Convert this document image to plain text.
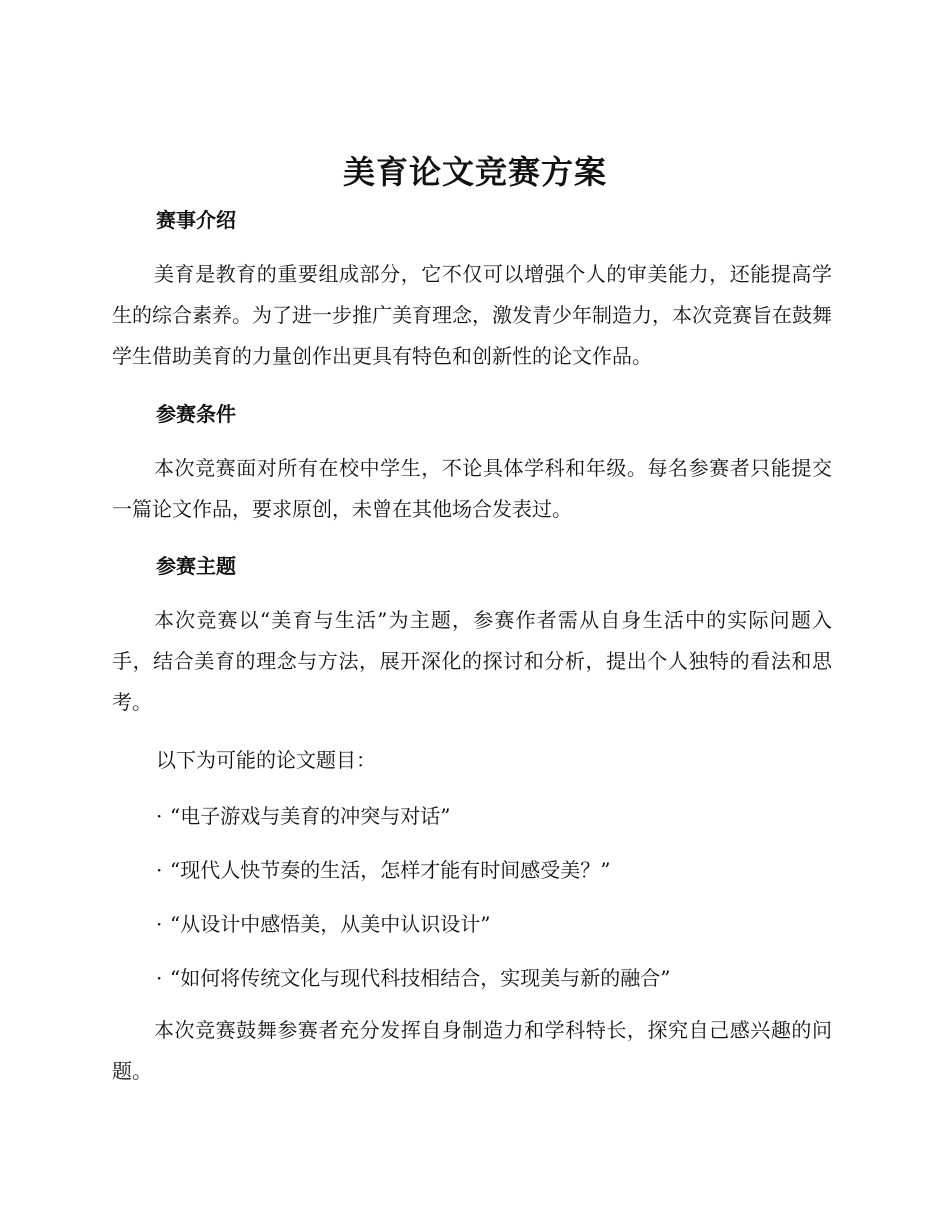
美育论文竞赛方案
赛事介绍
美育是教育的重要组成部分，它不仅可以增强个人的审美能力，还能提高学生的综合素养。为了进一步推广美育理念，激发青少年制造力，本次竞赛旨在鼓舞学生借助美育的力量创作出更具有特色和创新性的论文作品。
参赛条件
本次竞赛面对所有在校中学生，不论具体学科和年级。每名参赛者只能提交一篇论文作品，要求原创，未曾在其他场合发表过。
参赛主题
本次竞赛以“美育与生活”为主题，参赛作者需从自身生活中的实际问题入手，结合美育的理念与方法，展开深化的探讨和分析，提出个人独特的看法和思考。
以下为可能的论文题目：
· “电子游戏与美育的冲突与对话”
· “现代人快节奏的生活，怎样才能有时间感受美？”
· “从设计中感悟美，从美中认识设计”
· “如何将传统文化与现代科技相结合，实现美与新的融合”
本次竞赛鼓舞参赛者充分发挥自身制造力和学科特长，探究自己感兴趣的问题。
